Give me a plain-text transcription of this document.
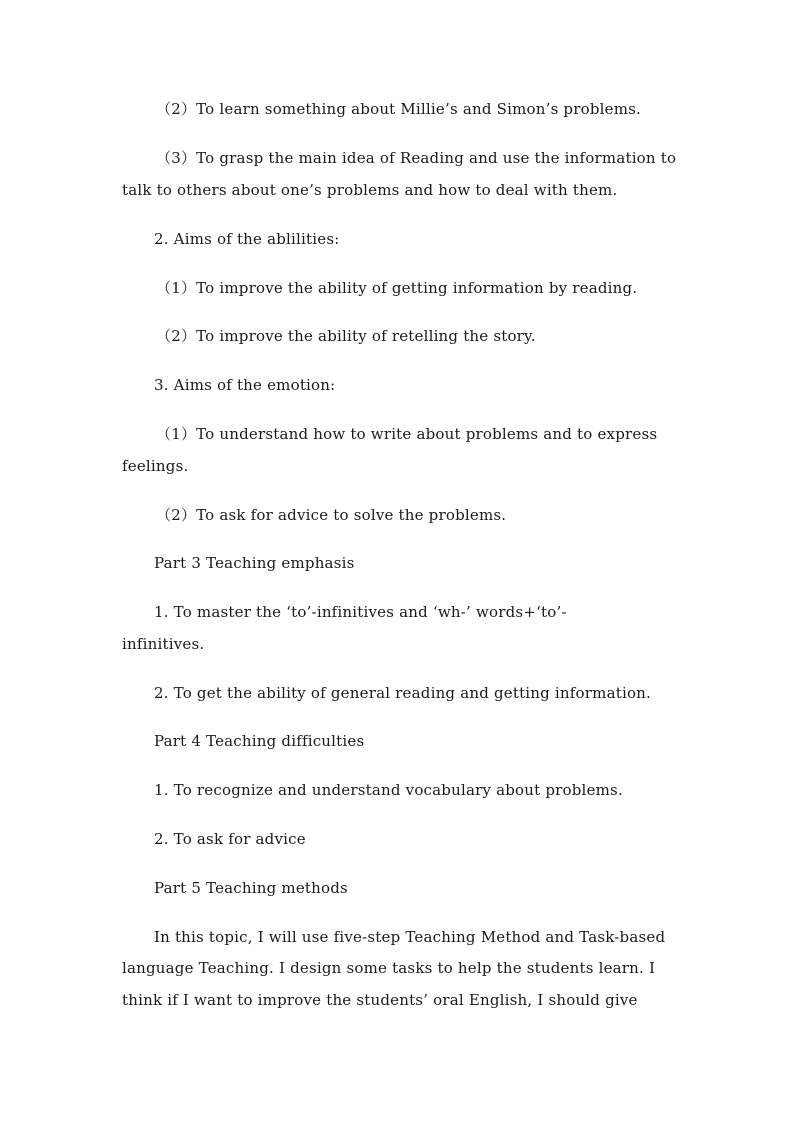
（2）To learn something about Millie’s and Simon’s problems.
（3）To grasp the main idea of Reading and use the information to
talk to others about one’s problems and how to deal with them.
2. Aims of the ablilities:
（1）To improve the ability of getting information by reading.
（2）To improve the ability of retelling the story.
3. Aims of the emotion:
（1）To understand how to write about problems and to express
feelings.
（2）To ask for advice to solve the problems.
Part 3 Teaching emphasis
1. To master the ‘to’-infinitives and ‘wh-’ words+‘to’-
infinitives.
2. To get the ability of general reading and getting information.
Part 4 Teaching difficulties
1. To recognize and understand vocabulary about problems.
2. To ask for advice
Part 5 Teaching methods
In this topic, I will use five-step Teaching Method and Task-based
language Teaching. I design some tasks to help the students learn. I
think if I want to improve the students’ oral English, I should give
